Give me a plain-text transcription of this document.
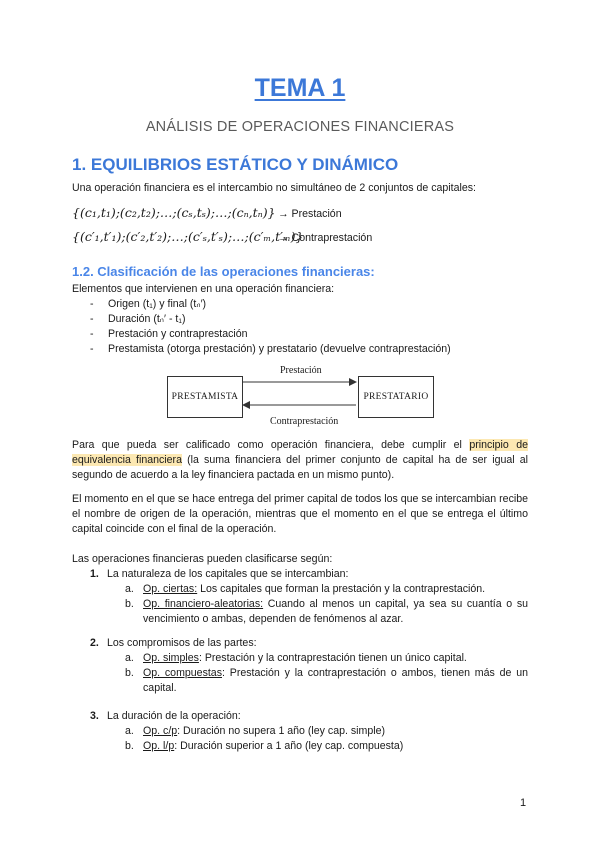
TEMA 1
ANÁLISIS DE OPERACIONES FINANCIERAS
1. EQUILIBRIOS ESTÁTICO Y DINÁMICO
Una operación financiera es el intercambio no simultáneo de 2 conjuntos de capitales:
{(c₁,t₁);(c₂,t₂);…;(cₛ,tₛ);…;(cₙ,tₙ)} → Prestación
{(c′₁,t′₁);(c′₂,t′₂);…;(c′ₛ,t′ₛ);…;(c′ₘ,t′ₘ)}
→ Contraprestación
1.2. Clasificación de las operaciones financieras:
Elementos que intervienen en una operación financiera:
- Origen (t₁) y final (tₙ′)
- Duración (tₙ′ - t₁)
- Prestación y contraprestación
- Prestamista (otorga prestación) y prestatario (devuelve contraprestación)
PRESTAMISTA	PRESTATARIO
Prestación
Contraprestación
Para que pueda ser calificado como operación financiera, debe cumplir el principio de equivalencia financiera (la suma financiera del primer conjunto de capital ha de ser igual al segundo de acuerdo a la ley financiera pactada en un mismo punto).
El momento en el que se hace entrega del primer capital de todos los que se intercambian recibe el nombre de origen de la operación, mientras que el momento en el que se entrega el último capital coincide con el final de la operación.
Las operaciones financieras pueden clasificarse según:
1. La naturaleza de los capitales que se intercambian:
a. Op. ciertas: Los capitales que forman la prestación y la contraprestación.
b. Op. financiero-aleatorias: Cuando al menos un capital, ya sea su cuantía o su vencimiento o ambas, dependen de fenómenos al azar.
2. Los compromisos de las partes:
a. Op. simples: Prestación y la contraprestación tienen un único capital.
b. Op. compuestas: Prestación y la contraprestación o ambos, tienen más de un capital.
3. La duración de la operación:
a. Op. c/p: Duración no supera 1 año (ley cap. simple)
b. Op. l/p: Duración superior a 1 año (ley cap. compuesta)
1
